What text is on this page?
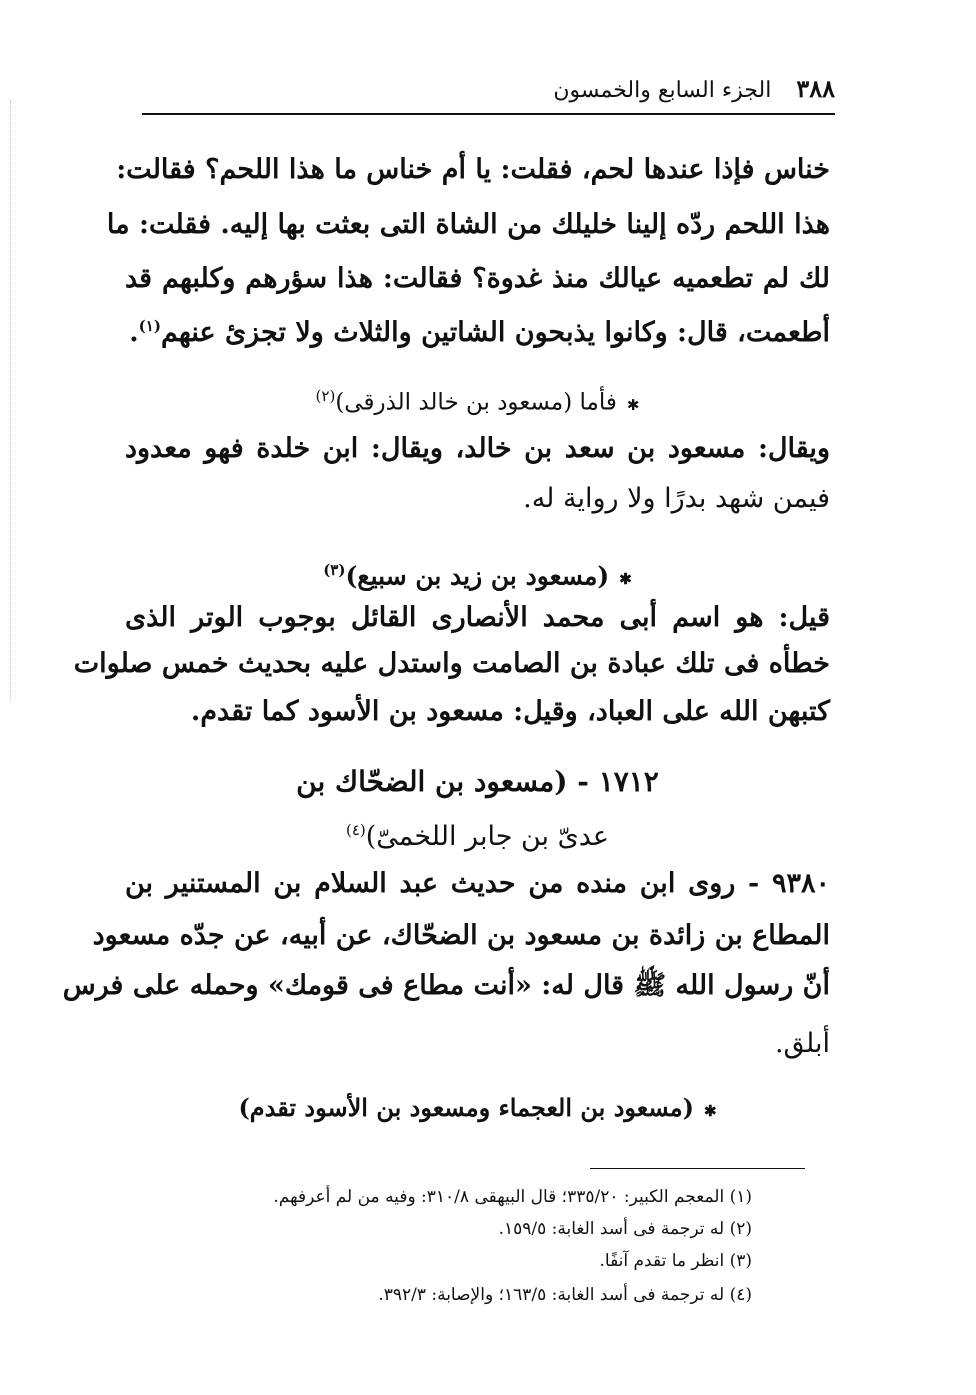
٣٨٨ الجزء السابع والخمسون
خناس فإذا عندها لحم، فقلت: يا أم خناس ما هذا اللحم؟ فقالت:
هذا اللحم ردّه إلينا خليلك من الشاة التى بعثت بها إليه. فقلت: ما
لك لم تطعميه عيالك منذ غدوة؟ فقالت: هذا سؤرهم وكلبهم قد
أطعمت، قال: وكانوا يذبحون الشاتين والثلاث ولا تجزئ عنهم$^{(١)}$.
✱فأما (مسعود بن خالد الذرقى)$^{(٢)}$
ويقال: مسعود بن سعد بن خالد، ويقال: ابن خلدة فهو معدود
فيمن شهد بدرًا ولا رواية له.
✱(مسعود بن زيد بن سبيع)$^{(٣)}$
قيل: هو اسم أبى محمد الأنصارى القائل بوجوب الوتر الذى
خطأه فى تلك عبادة بن الصامت واستدل عليه بحديث خمس صلوات
كتبهن الله على العباد، وقيل: مسعود بن الأسود كما تقدم.
١٧١٢ - (مسعود بن الضحّاك بن
عدىّ بن جابر اللخمىّ)$^{(٤)}$
٩٣٨٠ - روى ابن منده من حديث عبد السلام بن المستنير بن
المطاع بن زائدة بن مسعود بن الضحّاك، عن أبيه، عن جدّه مسعود
أنّ رسول الله ﷺ قال له: «أنت مطاع فى قومك» وحمله على فرس
أبلق.
✱(مسعود بن العجماء ومسعود بن الأسود تقدم)
(١) المعجم الكبير: ٣٣٥/٢٠؛ قال البيهقى ٣١٠/٨: وفيه من لم أعرفهم.
(٢) له ترجمة فى أسد الغابة: ١٥٩/٥.
(٣) انظر ما تقدم آنفًا.
(٤) له ترجمة فى أسد الغابة: ١٦٣/٥؛ والإصابة: ٣٩٢/٣.
